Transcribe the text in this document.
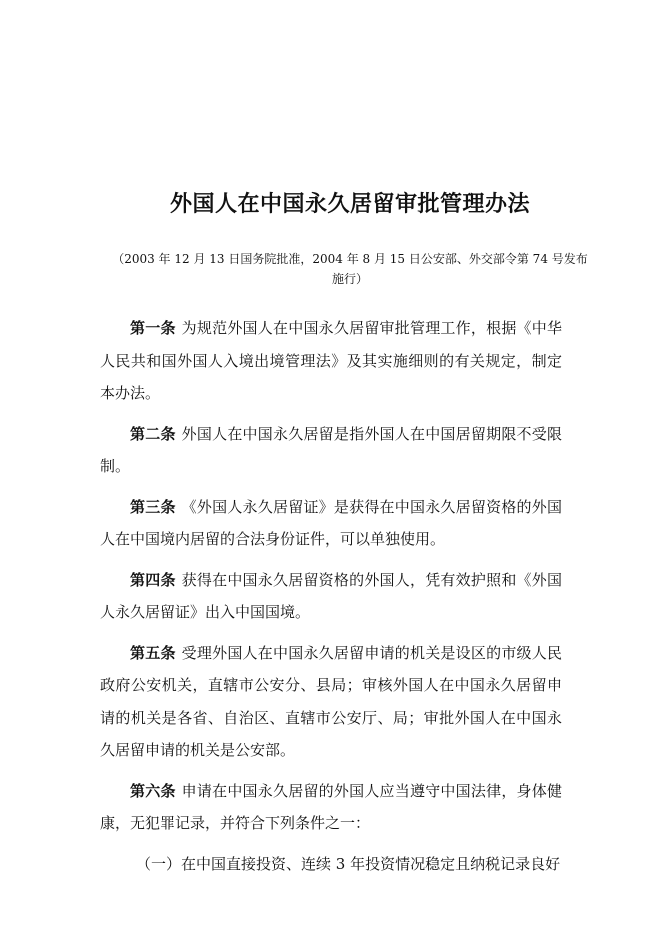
外国人在中国永久居留审批管理办法
（2003 年 12 月 13 日国务院批准，2004 年 8 月 15 日公安部、外交部令第 74 号发布施行）

第一条 为规范外国人在中国永久居留审批管理工作，根据《中华人民共和国外国人入境出境管理法》及其实施细则的有关规定，制定本办法。

第二条 外国人在中国永久居留是指外国人在中国居留期限不受限制。

第三条 《外国人永久居留证》是获得在中国永久居留资格的外国人在中国境内居留的合法身份证件，可以单独使用。

第四条 获得在中国永久居留资格的外国人，凭有效护照和《外国人永久居留证》出入中国国境。

第五条 受理外国人在中国永久居留申请的机关是设区的市级人民政府公安机关，直辖市公安分、县局；审核外国人在中国永久居留申请的机关是各省、自治区、直辖市公安厅、局；审批外国人在中国永久居留申请的机关是公安部。

第六条 申请在中国永久居留的外国人应当遵守中国法律，身体健康，无犯罪记录，并符合下列条件之一：

（一）在中国直接投资、连续 3 年投资情况稳定且纳税记录良好
